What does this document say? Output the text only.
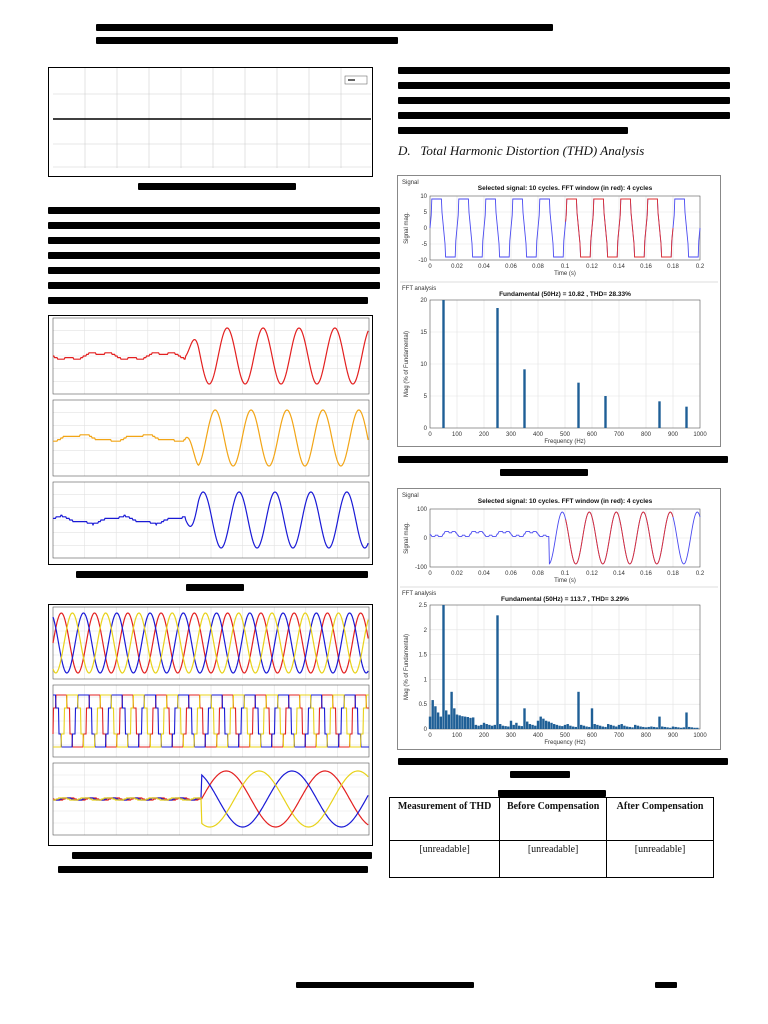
D. Total Harmonic Distortion (THD) Analysis
Signal
FFT analysis
Selected signal: 10 cycles. FFT window (in red): 4 cycles
10
5
0
-5
-10
0	0.02	0.04	0.06	0.08	0.1	0.12	0.14	0.16	0.18	0.2
Time (s)
Signal mag.
Fundamental (50Hz) = 10.82 , THD= 28.33%
20
15
10
5
0
0	100	200	300	400	500	600	700	800	900	1000
Frequency (Hz)
Mag (% of Fundamental)
Signal
FFT analysis
Selected signal: 10 cycles. FFT window (in red): 4 cycles
100
0
-100
0	0.02	0.04	0.06	0.08	0.1	0.12	0.14	0.16	0.18	0.2
Time (s)
Signal mag.
Fundamental (50Hz) = 113.7 , THD= 3.29%
2.5
2
1.5
1
0.5
0
0	100	200	300	400	500	600	700	800	900	1000
Frequency (Hz)
Mag (% of Fundamental)
Measurement of THD	Before Compensation	After Compensation
[unreadable]	[unreadable]	[unreadable]
